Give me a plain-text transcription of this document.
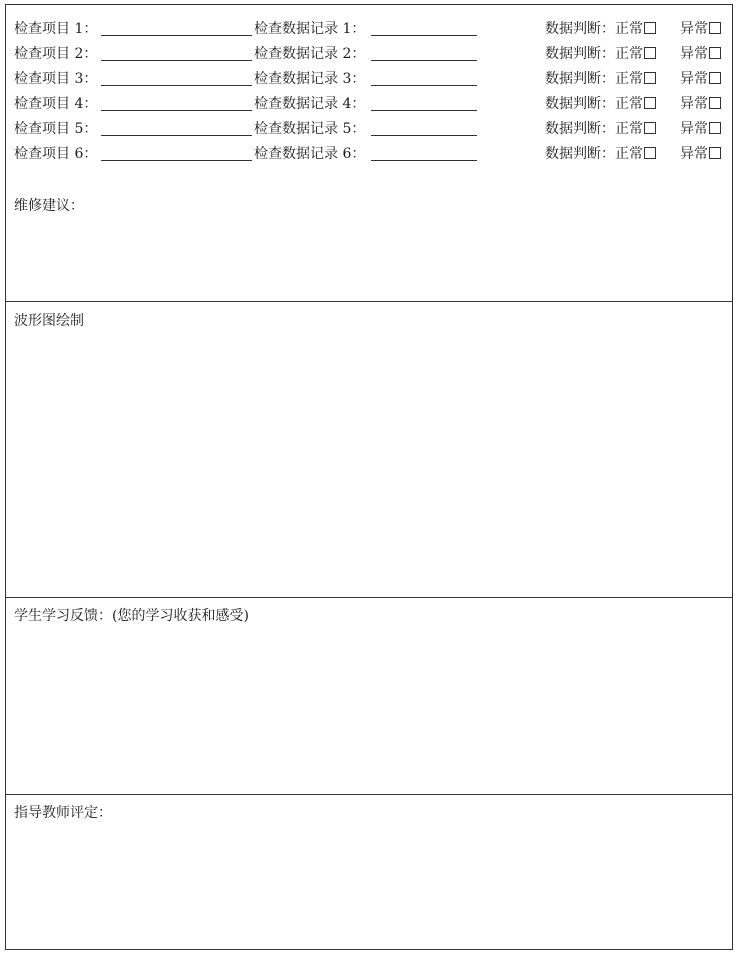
检查项目 1：	检查数据记录 1：	数据判断：正常	异常
检查项目 2：	检查数据记录 2：	数据判断：正常	异常
检查项目 3：	检查数据记录 3：	数据判断：正常	异常
检查项目 4：	检查数据记录 4：	数据判断：正常	异常
检查项目 5：	检查数据记录 5：	数据判断：正常	异常
检查项目 6：	检查数据记录 6：	数据判断：正常	异常
维修建议：
波形图绘制
学生学习反馈：(您的学习收获和感受)
指导教师评定：
